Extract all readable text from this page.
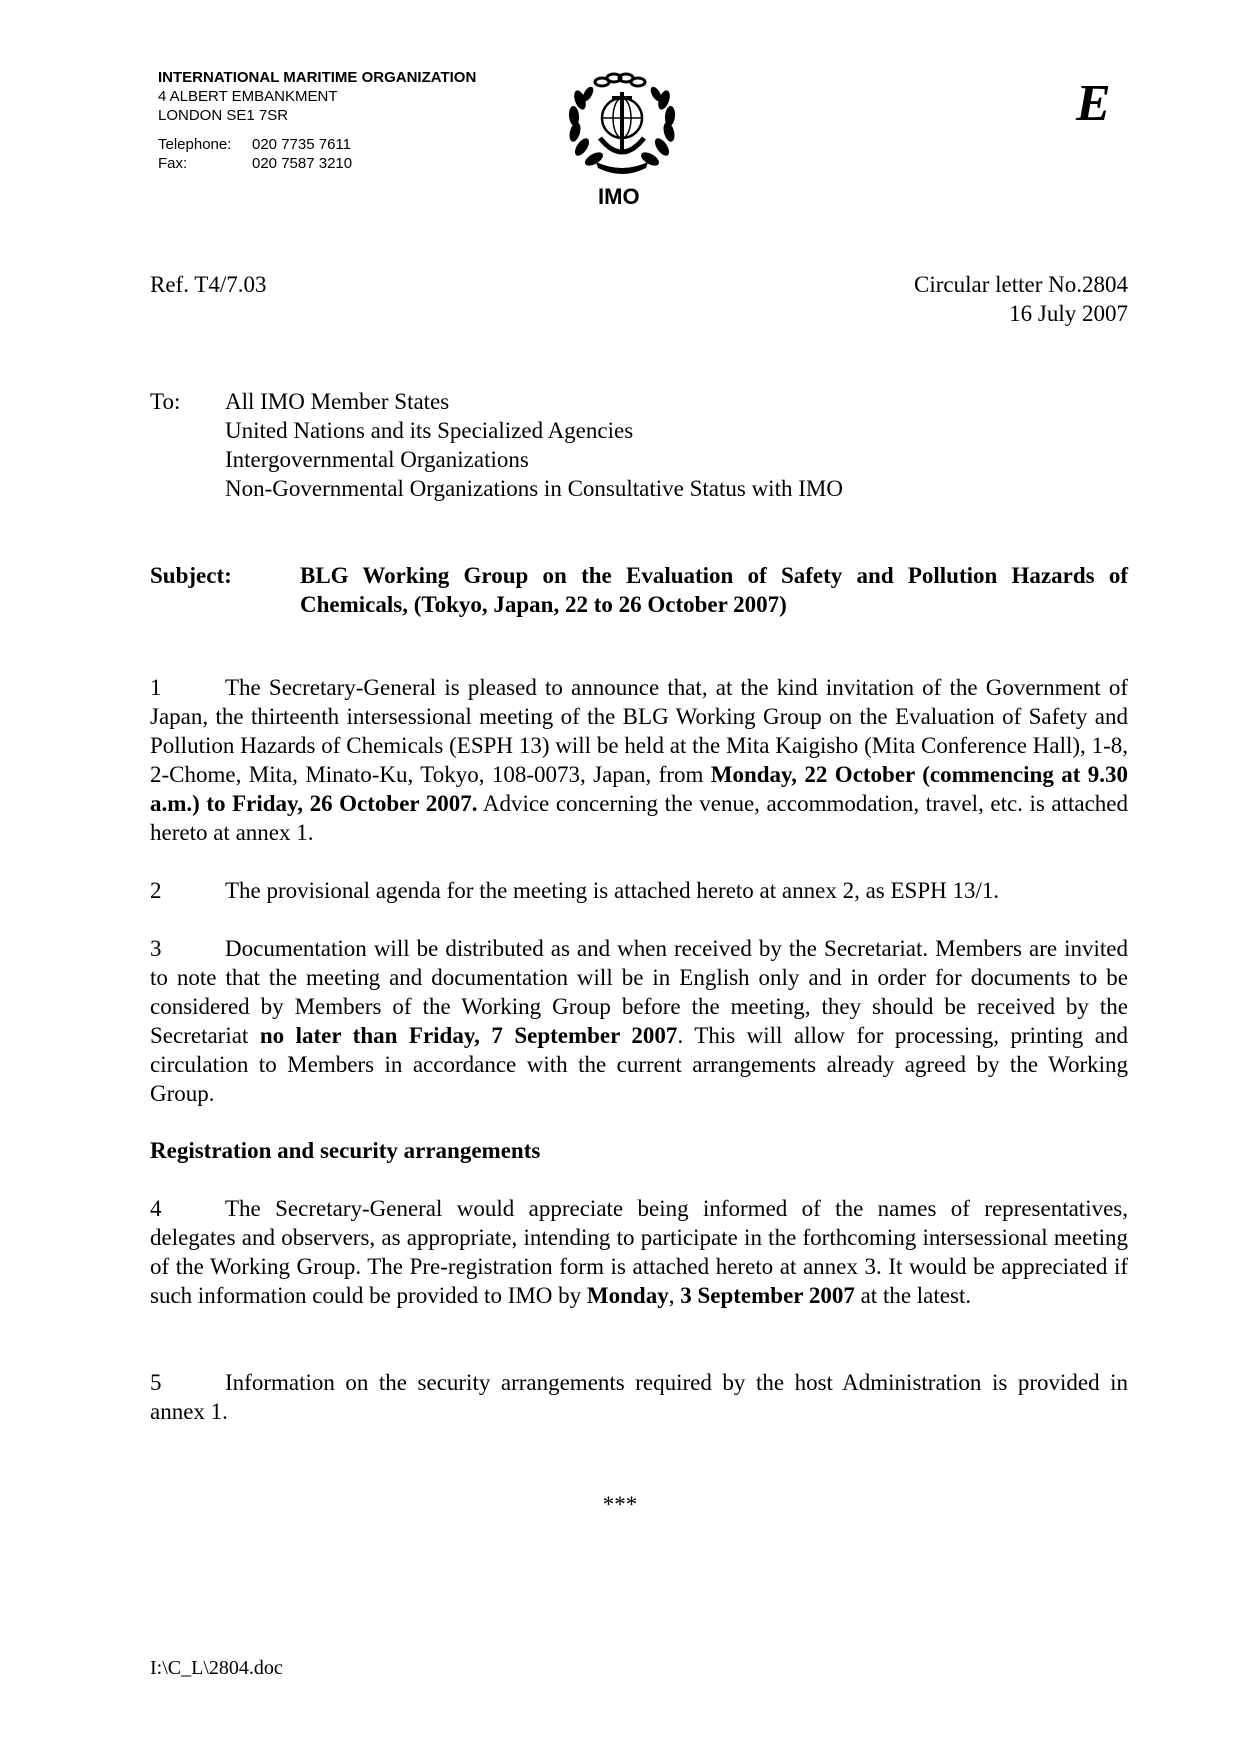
INTERNATIONAL MARITIME ORGANIZATION
4 ALBERT EMBANKMENT
LONDON SE1 7SR
Telephone:	020 7735 7611
Fax:	020 7587 3210
IMO
E
Ref. T4/7.03	Circular letter No.2804
16 July 2007
To: All IMO Member States
United Nations and its Specialized Agencies
Intergovernmental Organizations
Non-Governmental Organizations in Consultative Status with IMO
Subject:	BLG Working Group on the Evaluation of Safety and Pollution Hazards of Chemicals, (Tokyo, Japan, 22 to 26 October 2007)
1	The Secretary-General is pleased to announce that, at the kind invitation of the Government of Japan, the thirteenth intersessional meeting of the BLG Working Group on the Evaluation of Safety and Pollution Hazards of Chemicals (ESPH 13) will be held at the Mita Kaigisho (Mita Conference Hall), 1-8, 2-Chome, Mita, Minato-Ku, Tokyo, 108-0073, Japan, from Monday, 22 October (commencing at 9.30 a.m.) to Friday, 26 October 2007. Advice concerning the venue, accommodation, travel, etc. is attached hereto at annex 1.
2	The provisional agenda for the meeting is attached hereto at annex 2, as ESPH 13/1.
3	Documentation will be distributed as and when received by the Secretariat. Members are invited to note that the meeting and documentation will be in English only and in order for documents to be considered by Members of the Working Group before the meeting, they should be received by the Secretariat no later than Friday, 7 September 2007. This will allow for processing, printing and circulation to Members in accordance with the current arrangements already agreed by the Working Group.
Registration and security arrangements
4	The Secretary-General would appreciate being informed of the names of representatives, delegates and observers, as appropriate, intending to participate in the forthcoming intersessional meeting of the Working Group. The Pre-registration form is attached hereto at annex 3. It would be appreciated if such information could be provided to IMO by Monday, 3 September 2007 at the latest.
5	Information on the security arrangements required by the host Administration is provided in annex 1.
***
I:\C_L\2804.doc
